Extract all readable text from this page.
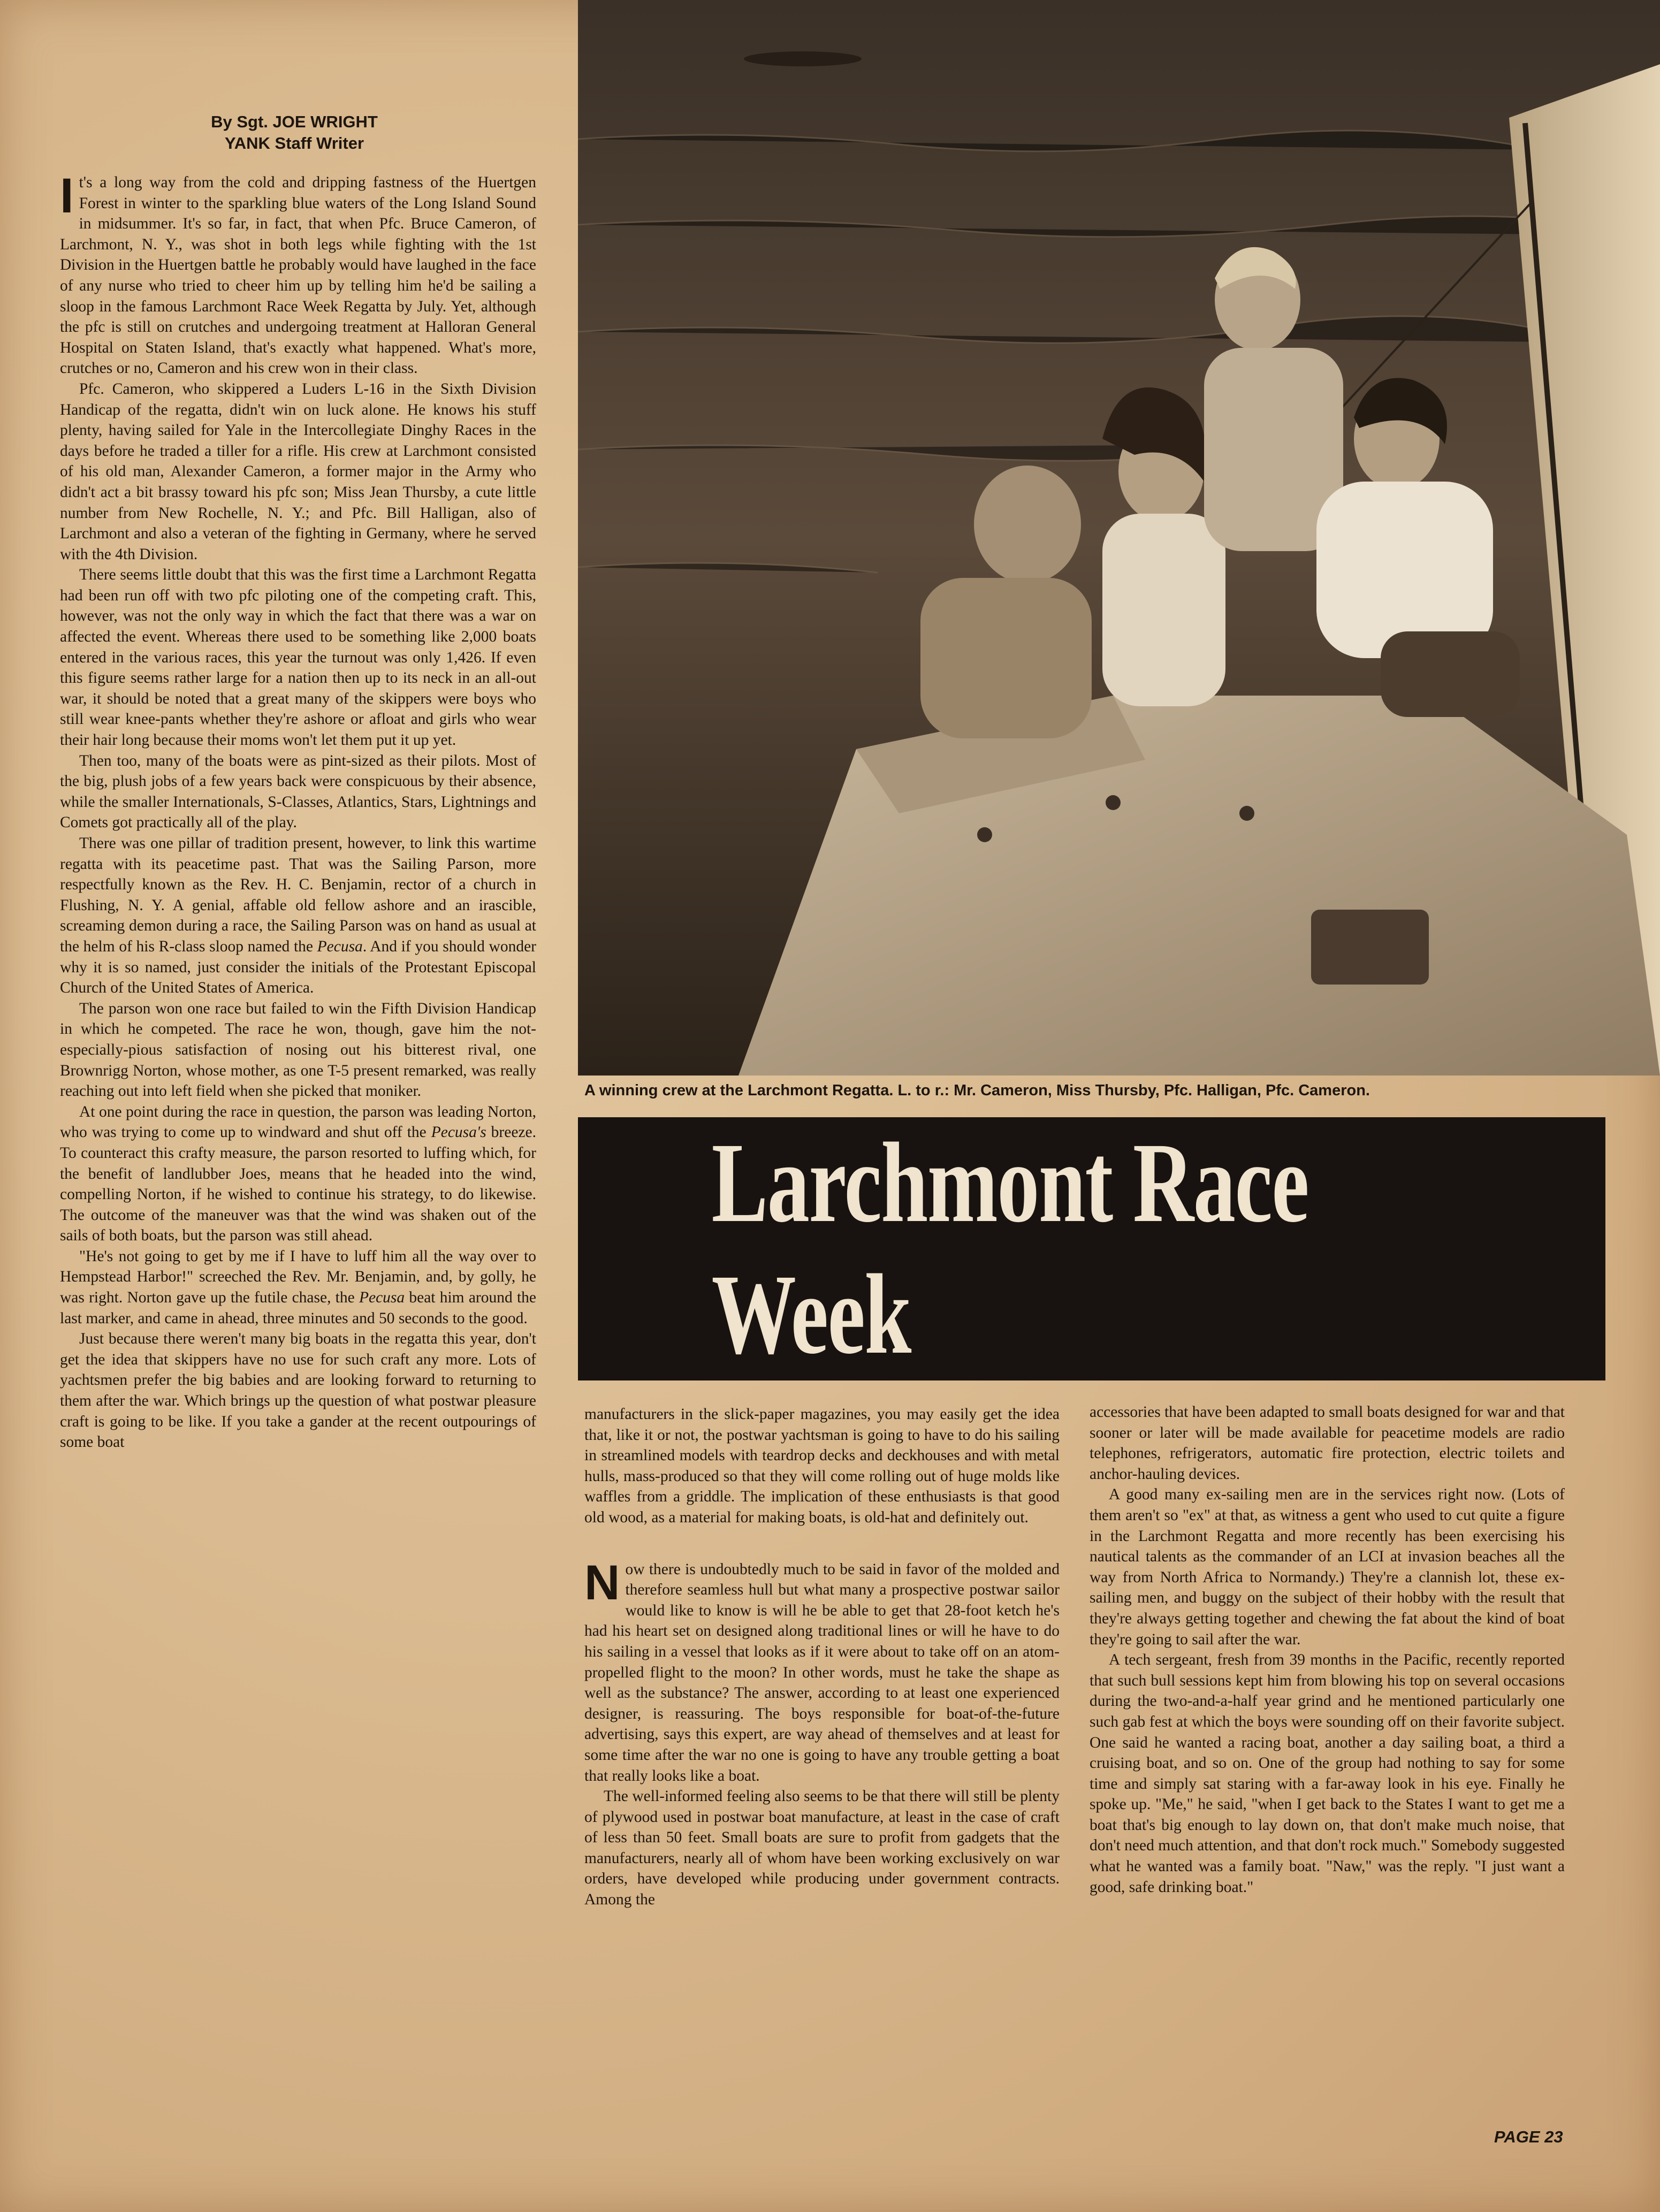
By Sgt. JOE WRIGHT
YANK Staff Writer

It's a long way from the cold and dripping fastness of the Huertgen Forest in winter to the sparkling blue waters of the Long Island Sound in midsummer. It's so far, in fact, that when Pfc. Bruce Cameron, of Larchmont, N. Y., was shot in both legs while fighting with the 1st Division in the Huertgen battle he probably would have laughed in the face of any nurse who tried to cheer him up by telling him he'd be sailing a sloop in the famous Larchmont Race Week Regatta by July. Yet, although the pfc is still on crutches and undergoing treatment at Halloran General Hospital on Staten Island, that's exactly what happened. What's more, crutches or no, Cameron and his crew won in their class.

Pfc. Cameron, who skippered a Luders L-16 in the Sixth Division Handicap of the regatta, didn't win on luck alone. He knows his stuff plenty, having sailed for Yale in the Intercollegiate Dinghy Races in the days before he traded a tiller for a rifle. His crew at Larchmont consisted of his old man, Alexander Cameron, a former major in the Army who didn't act a bit brassy toward his pfc son; Miss Jean Thursby, a cute little number from New Rochelle, N. Y.; and Pfc. Bill Halligan, also of Larchmont and also a veteran of the fighting in Germany, where he served with the 4th Division.

There seems little doubt that this was the first time a Larchmont Regatta had been run off with two pfc piloting one of the competing craft. This, however, was not the only way in which the fact that there was a war on affected the event. Whereas there used to be something like 2,000 boats entered in the various races, this year the turnout was only 1,426. If even this figure seems rather large for a nation then up to its neck in an all-out war, it should be noted that a great many of the skippers were boys who still wear knee-pants whether they're ashore or afloat and girls who wear their hair long because their moms won't let them put it up yet.

Then too, many of the boats were as pint-sized as their pilots. Most of the big, plush jobs of a few years back were conspicuous by their absence, while the smaller Internationals, S-Classes, Atlantics, Stars, Lightnings and Comets got practically all of the play.

There was one pillar of tradition present, however, to link this wartime regatta with its peacetime past. That was the Sailing Parson, more respectfully known as the Rev. H. C. Benjamin, rector of a church in Flushing, N. Y. A genial, affable old fellow ashore and an irascible, screaming demon during a race, the Sailing Parson was on hand as usual at the helm of his R-class sloop named the Pecusa. And if you should wonder why it is so named, just consider the initials of the Protestant Episcopal Church of the United States of America.

The parson won one race but failed to win the Fifth Division Handicap in which he competed. The race he won, though, gave him the not-especially-pious satisfaction of nosing out his bitterest rival, one Brownrigg Norton, whose mother, as one T-5 present remarked, was really reaching out into left field when she picked that moniker.

At one point during the race in question, the parson was leading Norton, who was trying to come up to windward and shut off the Pecusa's breeze. To counteract this crafty measure, the parson resorted to luffing which, for the benefit of landlubber Joes, means that he headed into the wind, compelling Norton, if he wished to continue his strategy, to do likewise. The outcome of the maneuver was that the wind was shaken out of the sails of both boats, but the parson was still ahead.

"He's not going to get by me if I have to luff him all the way over to Hempstead Harbor!" screeched the Rev. Mr. Benjamin, and, by golly, he was right. Norton gave up the futile chase, the Pecusa beat him around the last marker, and came in ahead, three minutes and 50 seconds to the good.

Just because there weren't many big boats in the regatta this year, don't get the idea that skippers have no use for such craft any more. Lots of yachtsmen prefer the big babies and are looking forward to returning to them after the war. Which brings up the question of what postwar pleasure craft is going to be like. If you take a gander at the recent outpourings of some boat

A winning crew at the Larchmont Regatta. L. to r.: Mr. Cameron, Miss Thursby, Pfc. Halligan, Pfc. Cameron.
Larchmont Race Week

manufacturers in the slick-paper magazines, you may easily get the idea that, like it or not, the postwar yachtsman is going to have to do his sailing in streamlined models with teardrop decks and deckhouses and with metal hulls, mass-produced so that they will come rolling out of huge molds like waffles from a griddle. The implication of these enthusiasts is that good old wood, as a material for making boats, is old-hat and definitely out.

Now there is undoubtedly much to be said in favor of the molded and therefore seamless hull but what many a prospective postwar sailor would like to know is will he be able to get that 28-foot ketch he's had his heart set on designed along traditional lines or will he have to do his sailing in a vessel that looks as if it were about to take off on an atom-propelled flight to the moon? In other words, must he take the shape as well as the substance? The answer, according to at least one experienced designer, is reassuring. The boys responsible for boat-of-the-future advertising, says this expert, are way ahead of themselves and at least for some time after the war no one is going to have any trouble getting a boat that really looks like a boat.

The well-informed feeling also seems to be that there will still be plenty of plywood used in postwar boat manufacture, at least in the case of craft of less than 50 feet. Small boats are sure to profit from gadgets that the manufacturers, nearly all of whom have been working exclusively on war orders, have developed while producing under government contracts. Among the

accessories that have been adapted to small boats designed for war and that sooner or later will be made available for peacetime models are radio telephones, refrigerators, automatic fire protection, electric toilets and anchor-hauling devices.

A good many ex-sailing men are in the services right now. (Lots of them aren't so "ex" at that, as witness a gent who used to cut quite a figure in the Larchmont Regatta and more recently has been exercising his nautical talents as the commander of an LCI at invasion beaches all the way from North Africa to Normandy.) They're a clannish lot, these ex-sailing men, and buggy on the subject of their hobby with the result that they're always getting together and chewing the fat about the kind of boat they're going to sail after the war.

A tech sergeant, fresh from 39 months in the Pacific, recently reported that such bull sessions kept him from blowing his top on several occasions during the two-and-a-half year grind and he mentioned particularly one such gab fest at which the boys were sounding off on their favorite subject. One said he wanted a racing boat, another a day sailing boat, a third a cruising boat, and so on. One of the group had nothing to say for some time and simply sat staring with a far-away look in his eye. Finally he spoke up. "Me," he said, "when I get back to the States I want to get me a boat that's big enough to lay down on, that don't make much noise, that don't need much attention, and that don't rock much." Somebody suggested what he wanted was a family boat. "Naw," was the reply. "I just want a good, safe drinking boat."

PAGE 23
